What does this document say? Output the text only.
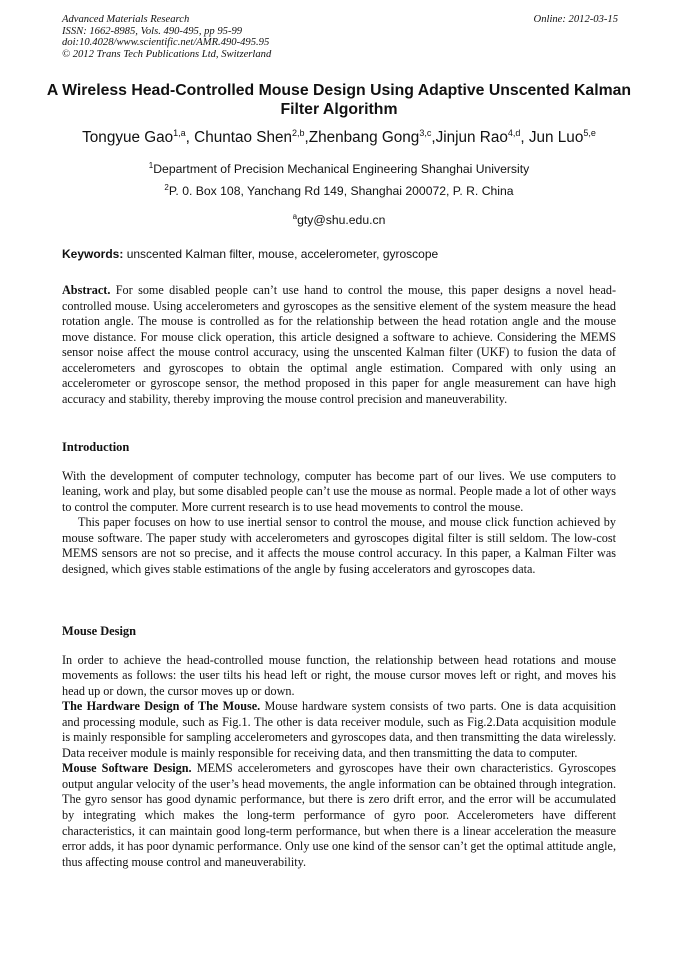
Advanced Materials Research
ISSN: 1662-8985, Vols. 490-495, pp 95-99
doi:10.4028/www.scientific.net/AMR.490-495.95
© 2012 Trans Tech Publications Ltd, Switzerland
Online: 2012-03-15
A Wireless Head-Controlled Mouse Design Using Adaptive Unscented Kalman Filter Algorithm
Tongyue Gao$^{1,a}$, Chuntao Shen$^{2,b}$,Zhenbang Gong$^{3,c}$,Jinjun Rao$^{4,d}$, Jun Luo$^{5,e}$
$^1$Department of Precision Mechanical Engineering Shanghai University
$^2$P. 0. Box 108, Yanchang Rd 149, Shanghai 200072, P. R. China
$^a$gty@shu.edu.cn
Keywords: unscented Kalman filter, mouse, accelerometer, gyroscope

Abstract. For some disabled people can’t use hand to control the mouse, this paper designs a novel head-controlled mouse. Using accelerometers and gyroscopes as the sensitive element of the system measure the head rotation angle. The mouse is controlled as for the relationship between the head rotation angle and the mouse move distance. For mouse click operation, this article designed a software to achieve. Considering the MEMS sensor noise affect the mouse control accuracy, using the unscented Kalman filter (UKF) to fusion the data of accelerometers and gyroscopes to obtain the optimal angle estimation. Compared with only using an accelerometer or gyroscope sensor, the method proposed in this paper for angle measurement can have high accuracy and stability, thereby improving the mouse control precision and maneuverability.

Introduction

With the development of computer technology, computer has become part of our lives. We use computers to leaning, work and play, but some disabled people can’t use the mouse as normal. People made a lot of other ways to control the computer. More current research is to use head movements to control the mouse.

This paper focuses on how to use inertial sensor to control the mouse, and mouse click function achieved by mouse software. The paper study with accelerometers and gyroscopes digital filter is still seldom. The low-cost MEMS sensors are not so precise, and it affects the mouse control accuracy. In this paper, a Kalman Filter was designed, which gives stable estimations of the angle by fusing accelerators and gyroscopes data.

Mouse Design

In order to achieve the head-controlled mouse function, the relationship between head rotations and mouse movements as follows: the user tilts his head left or right, the mouse cursor moves left or right, and moves his head up or down, the cursor moves up or down.

The Hardware Design of The Mouse. Mouse hardware system consists of two parts. One is data acquisition and processing module, such as Fig.1. The other is data receiver module, such as Fig.2.Data acquisition module is mainly responsible for sampling accelerometers and gyroscopes data, and then transmitting the data wirelessly. Data receiver module is mainly responsible for receiving data, and then transmitting the data to computer.

Mouse Software Design. MEMS accelerometers and gyroscopes have their own characteristics. Gyroscopes output angular velocity of the user’s head movements, the angle information can be obtained through integration. The gyro sensor has good dynamic performance, but there is zero drift error, and the error will be accumulated by integrating which makes the long-term performance of gyro poor. Accelerometers have different characteristics, it can maintain good long-term performance, but when there is a linear acceleration the measure error adds, it has poor dynamic performance. Only use one kind of the sensor can’t get the optimal attitude angle, thus affecting mouse control and maneuverability.
